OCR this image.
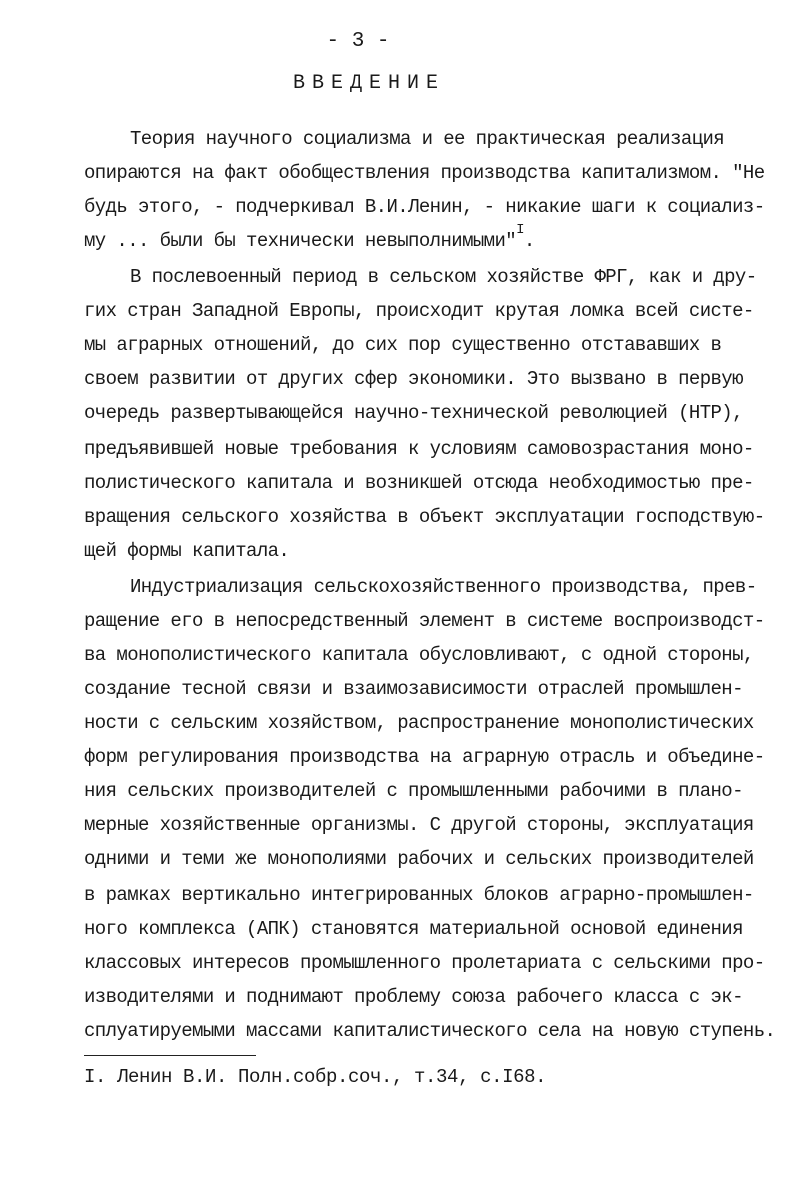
- 3 -
ВВЕДЕНИЕ
Теория научного социализма и ее практическая реализация
опираются на факт обобществления производства капитализмом. "Не
будь этого, - подчеркивал В.И.Ленин, - никакие шаги к социализ-
му ... были бы технически невыполнимыми"$^I$.
В послевоенный период в сельском хозяйстве ФРГ, как и дру-
гих стран Западной Европы, происходит крутая ломка всей систе-
мы аграрных отношений, до сих пор существенно отстававших в
своем развитии от других сфер экономики. Это вызвано в первую
очередь развертывающейся научно-технической революцией (НТР),
предъявившей новые требования к условиям самовозрастания моно-
полистического капитала и возникшей отсюда необходимостью пре-
вращения сельского хозяйства в объект эксплуатации господствую-
щей формы капитала.
Индустриализация сельскохозяйственного производства, прев-
ращение его в непосредственный элемент в системе воспроизводст-
ва монополистического капитала обусловливают, с одной стороны,
создание тесной связи и взаимозависимости отраслей промышлен-
ности с сельским хозяйством, распространение монополистических
форм регулирования производства на аграрную отрасль и объедине-
ния сельских производителей с промышленными рабочими в плано-
мерные хозяйственные организмы. С другой стороны, эксплуатация
одними и теми же монополиями рабочих и сельских производителей
в рамках вертикально интегрированных блоков аграрно-промышлен-
ного комплекса (АПК) становятся материальной основой единения
классовых интересов промышленного пролетариата с сельскими про-
изводителями и поднимают проблему союза рабочего класса с эк-
сплуатируемыми массами капиталистического села на новую ступень.
I. Ленин В.И. Полн.собр.соч., т.34, с.I68.
